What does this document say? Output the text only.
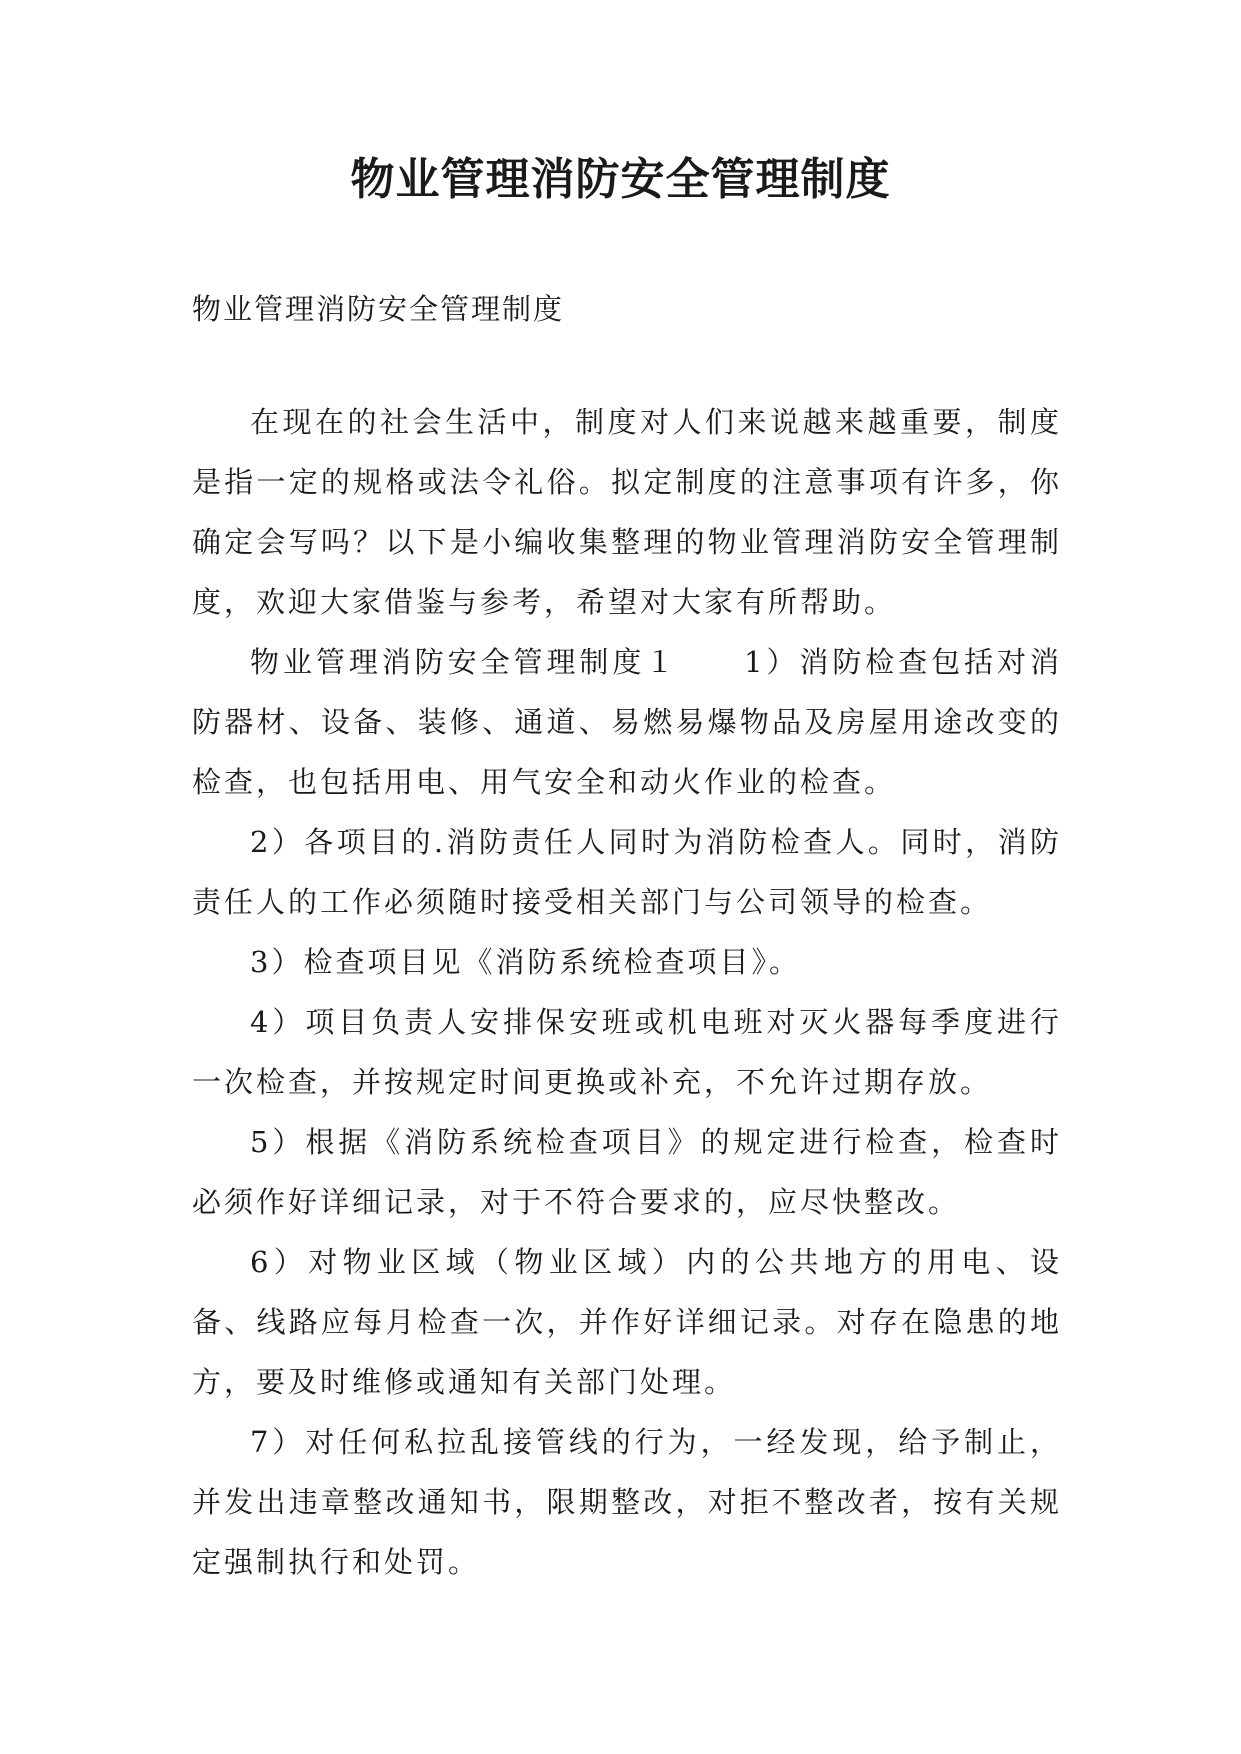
物业管理消防安全管理制度

物业管理消防安全管理制度

在现在的社会生活中，制度对人们来说越来越重要，制度是指一定的规格或法令礼俗。拟定制度的注意事项有许多，你确定会写吗？以下是小编收集整理的物业管理消防安全管理制度，欢迎大家借鉴与参考，希望对大家有所帮助。

物业管理消防安全管理制度１　　1）消防检查包括对消防器材、设备、装修、通道、易燃易爆物品及房屋用途改变的检查，也包括用电、用气安全和动火作业的检查。

2）各项目的.消防责任人同时为消防检查人。同时，消防责任人的工作必须随时接受相关部门与公司领导的检查。

3）检查项目见《消防系统检查项目》。

4）项目负责人安排保安班或机电班对灭火器每季度进行一次检查，并按规定时间更换或补充，不允许过期存放。

5）根据《消防系统检查项目》的规定进行检查，检查时必须作好详细记录，对于不符合要求的，应尽快整改。

6）对物业区域（物业区域）内的公共地方的用电、设备、线路应每月检查一次，并作好详细记录。对存在隐患的地方，要及时维修或通知有关部门处理。

7）对任何私拉乱接管线的行为，一经发现，给予制止，并发出违章整改通知书，限期整改，对拒不整改者，按有关规定强制执行和处罚。
